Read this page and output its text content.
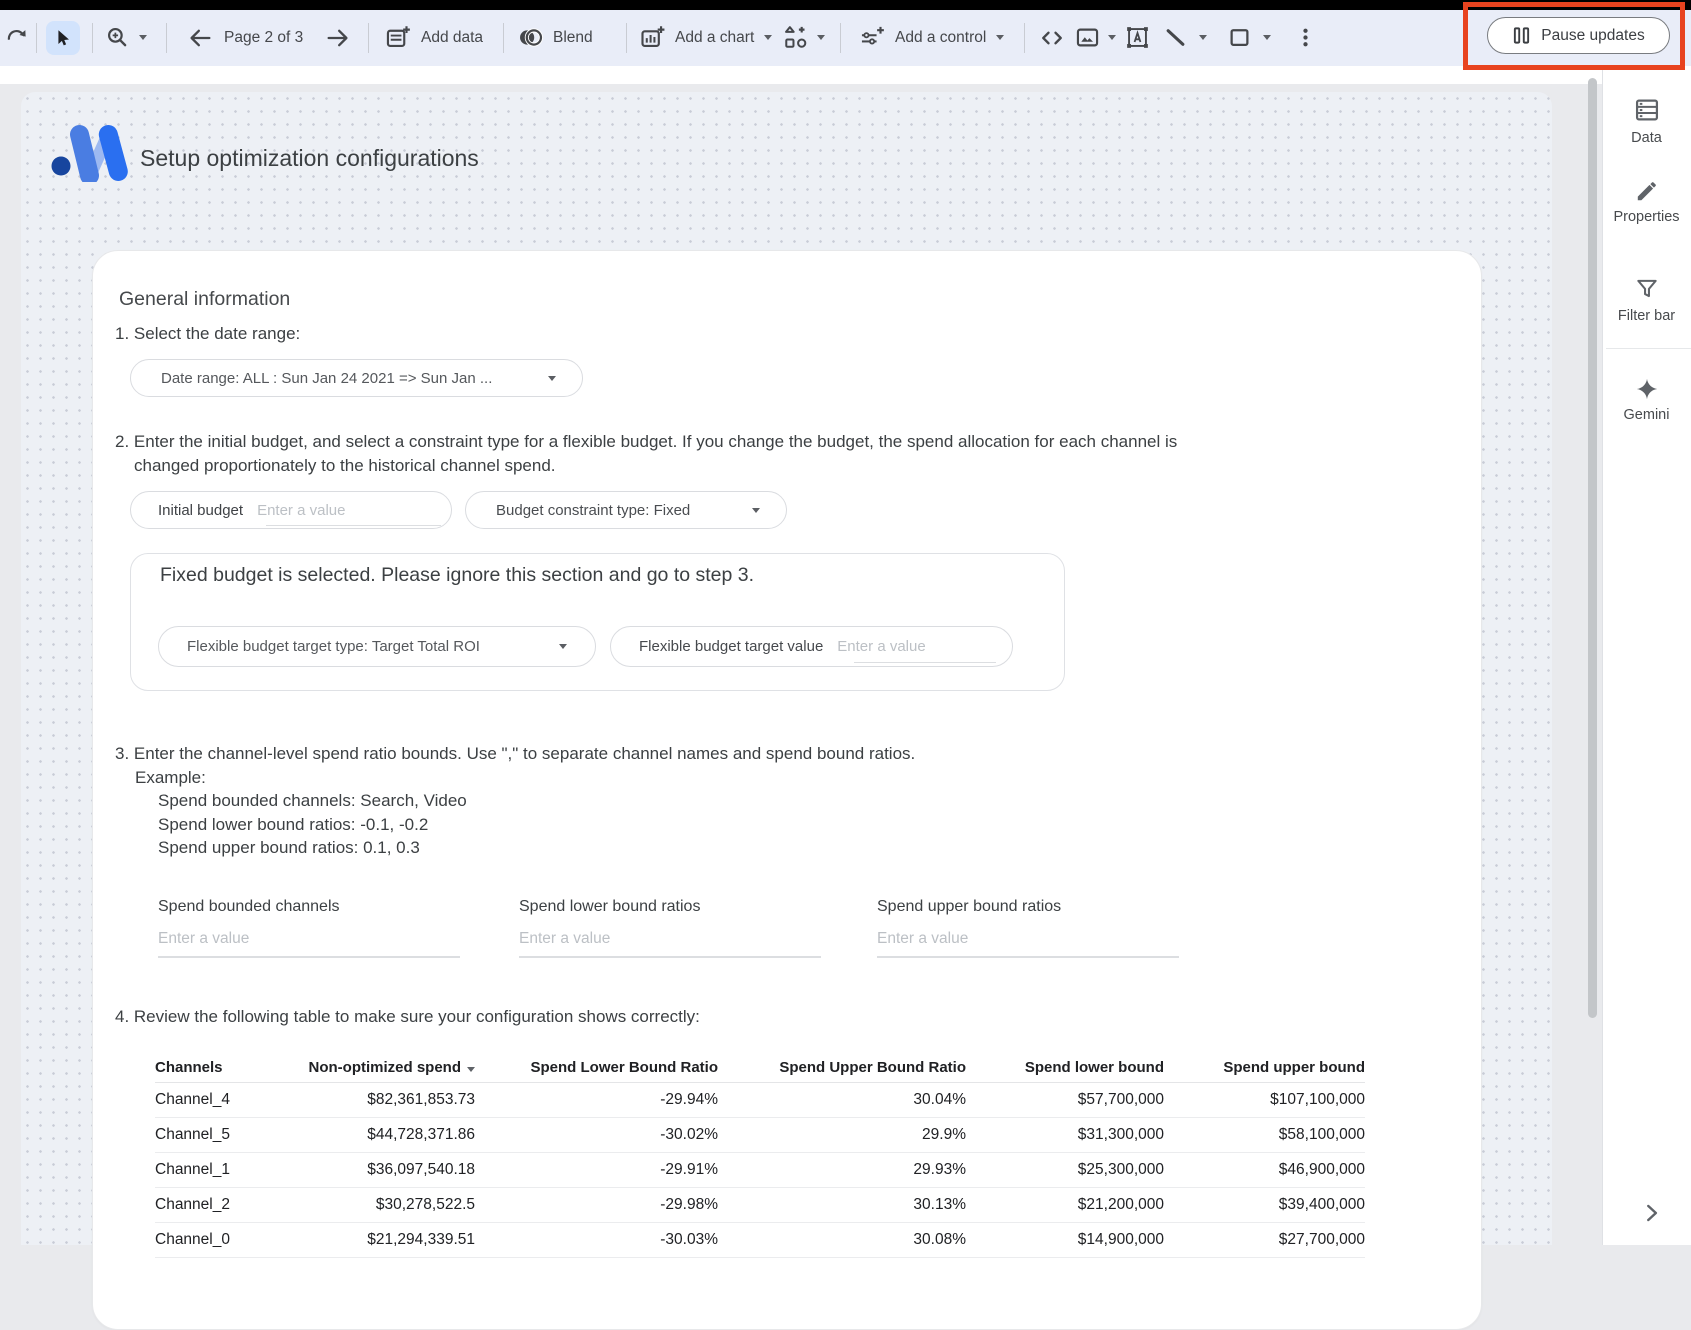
Page 2 of 3	Add data	Blend	Add a chart	Add a control	Pause updates
Setup optimization configurations
General information
1. Select the date range:
Date range: ALL : Sun Jan 24 2021 => Sun Jan ...
2. Enter the initial budget, and select a constraint type for a flexible budget. If you change the budget, the spend allocation for each channel is changed proportionately to the historical channel spend.
Initial budget Enter a value	Budget constraint type: Fixed
Fixed budget is selected. Please ignore this section and go to step 3.
Flexible budget target type: Target Total ROI	Flexible budget target value Enter a value
3. Enter the channel-level spend ratio bounds. Use "," to separate channel names and spend bound ratios.
Example:
Spend bounded channels: Search, Video
Spend lower bound ratios: -0.1, -0.2
Spend upper bound ratios: 0.1, 0.3
Spend bounded channels	Spend lower bound ratios	Spend upper bound ratios
Enter a value	Enter a value	Enter a value
4. Review the following table to make sure your configuration shows correctly:
Channels	Non-optimized spend	Spend Lower Bound Ratio	Spend Upper Bound Ratio	Spend lower bound	Spend upper bound
Channel_4	$82,361,853.73	-29.94%	30.04%	$57,700,000	$107,100,000
Channel_5	$44,728,371.86	-30.02%	29.9%	$31,300,000	$58,100,000
Channel_1	$36,097,540.18	-29.91%	29.93%	$25,300,000	$46,900,000
Channel_2	$30,278,522.5	-29.98%	30.13%	$21,200,000	$39,400,000
Channel_0	$21,294,339.51	-30.03%	30.08%	$14,900,000	$27,700,000
Data
Properties
Filter bar
Gemini
